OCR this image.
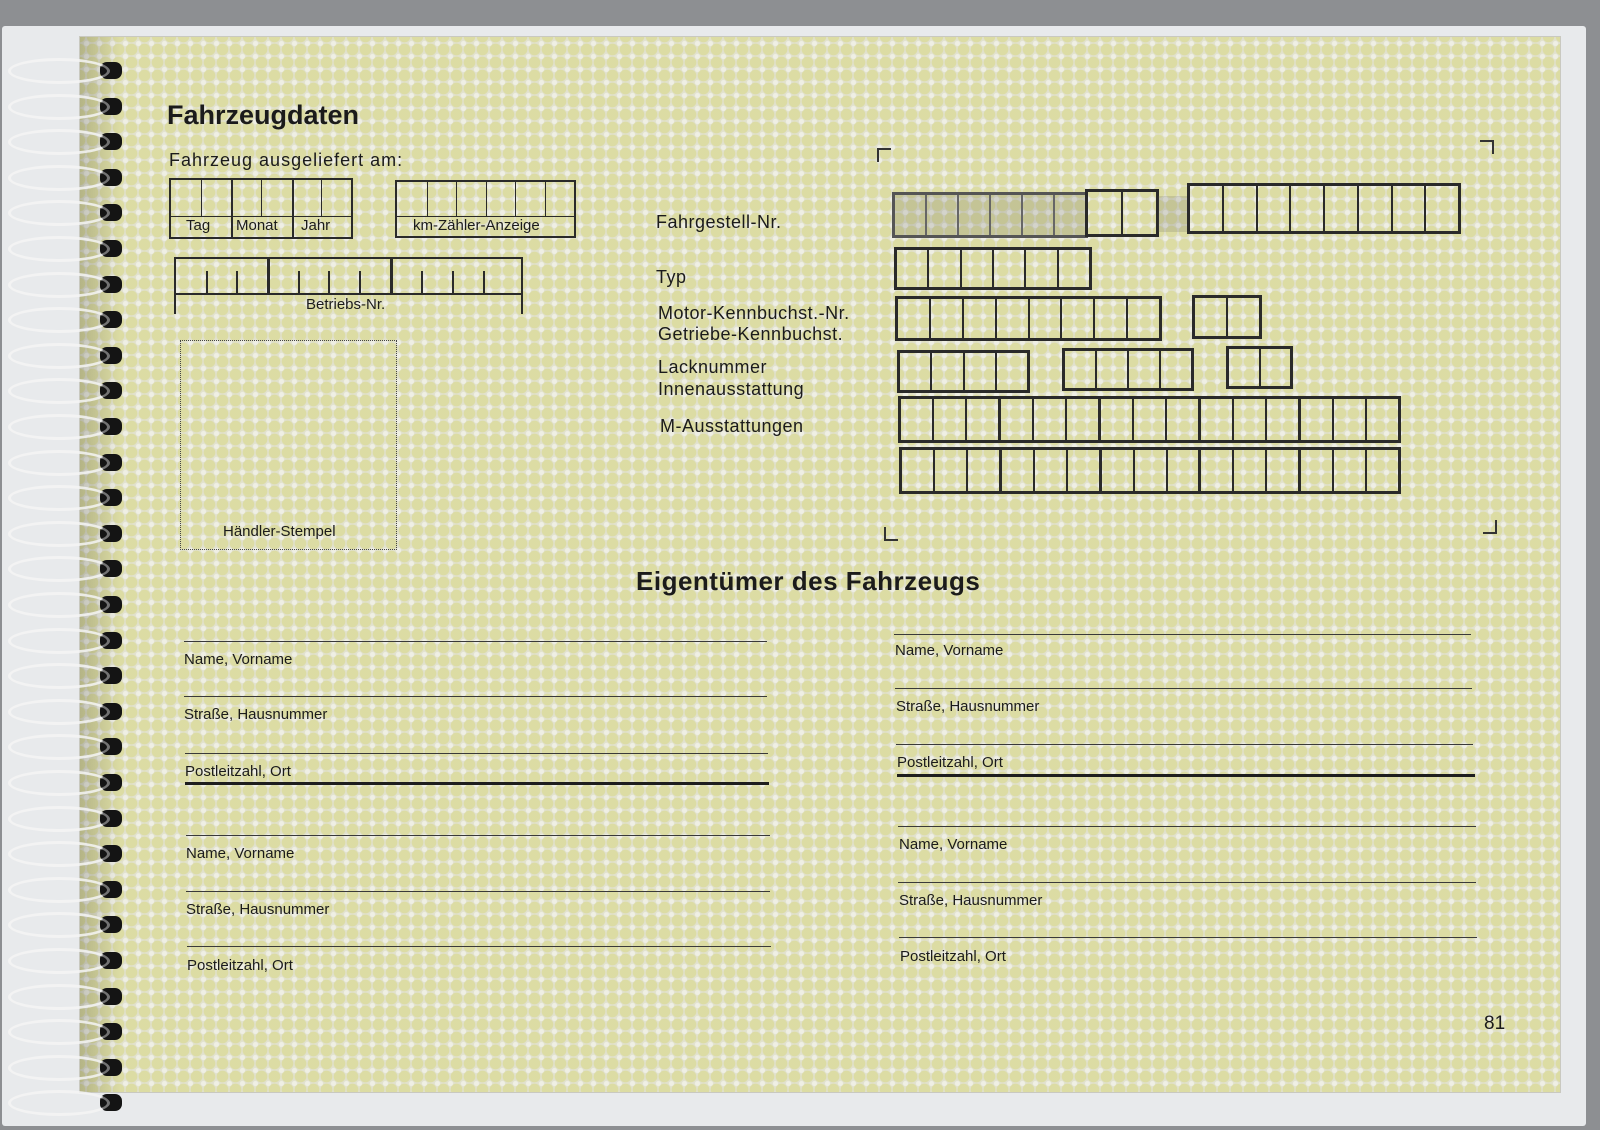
Fahrzeugdaten
Fahrzeug ausgeliefert am:
Tag Monat Jahr	km-Zähler-Anzeige
Betriebs-Nr.
Händler-Stempel
Fahrgestell-Nr.
Typ
Motor-Kennbuchst.-Nr.
Getriebe-Kennbuchst.
Lacknummer
Innenausstattung
M-Ausstattungen
Eigentümer des Fahrzeugs
Name, Vorname
Straße, Hausnummer
Postleitzahl, Ort
Name, Vorname
Straße, Hausnummer
Postleitzahl, Ort
Name, Vorname
Straße, Hausnummer
Postleitzahl, Ort
Name, Vorname
Straße, Hausnummer
Postleitzahl, Ort
81
